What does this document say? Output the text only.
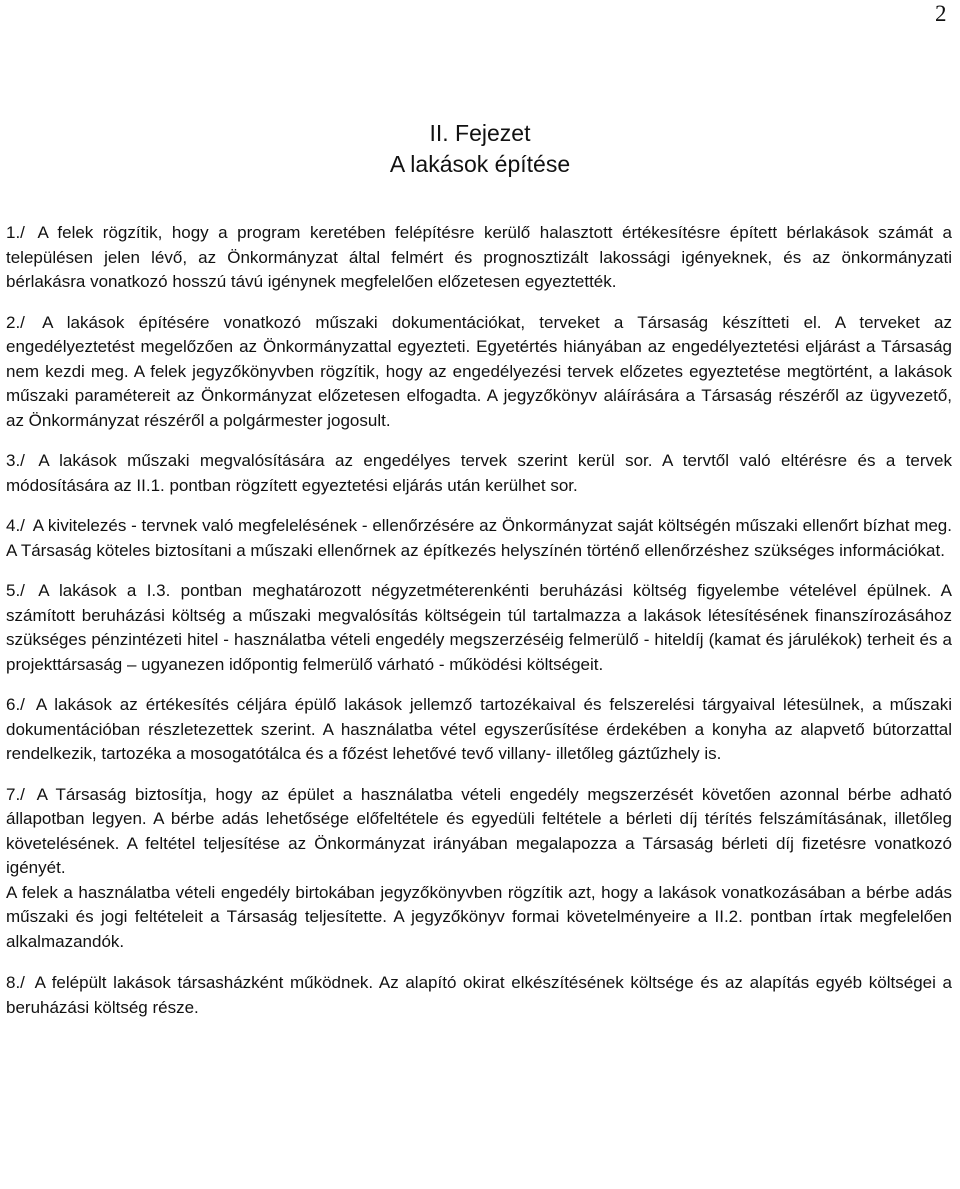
2
II. Fejezet
A lakások építése

1./ A felek rögzítik, hogy a program keretében felépítésre kerülő halasztott értékesítésre épített bérlakások számát a településen jelen lévő, az Önkormányzat által felmért és prognosztizált lakossági igényeknek, és az önkormányzati bérlakásra vonatkozó hosszú távú igénynek megfelelően előzetesen egyeztették.

2./ A lakások építésére vonatkozó műszaki dokumentációkat, terveket a Társaság készítteti el. A terveket az engedélyeztetést megelőzően az Önkormányzattal egyezteti. Egyetértés hiányában az engedélyeztetési eljárást a Társaság nem kezdi meg. A felek jegyzőkönyvben rögzítik, hogy az engedélyezési tervek előzetes egyeztetése megtörtént, a lakások műszaki paramétereit az Önkormányzat előzetesen elfogadta. A jegyzőkönyv aláírására a Társaság részéről az ügyvezető, az Önkormányzat részéről a polgármester jogosult.

3./ A lakások műszaki megvalósítására az engedélyes tervek szerint kerül sor. A tervtől való eltérésre és a tervek módosítására az II.1. pontban rögzített egyeztetési eljárás után kerülhet sor.

4./ A kivitelezés - tervnek való megfelelésének - ellenőrzésére az Önkormányzat saját költségén műszaki ellenőrt bízhat meg. A Társaság köteles biztosítani a műszaki ellenőrnek az építkezés helyszínén történő ellenőrzéshez szükséges információkat.

5./ A lakások a I.3. pontban meghatározott négyzetméterenkénti beruházási költség figyelembe vételével épülnek. A számított beruházási költség a műszaki megvalósítás költségein túl tartalmazza a lakások létesítésének finanszírozásához szükséges pénzintézeti hitel - használatba vételi engedély megszerzéséig felmerülő - hiteldíj (kamat és járulékok) terheit és a projekttársaság – ugyanezen időpontig felmerülő várható - működési költségeit.

6./ A lakások az értékesítés céljára épülő lakások jellemző tartozékaival és felszerelési tárgyaival létesülnek, a műszaki dokumentációban részletezettek szerint. A használatba vétel egyszerűsítése érdekében a konyha az alapvető bútorzattal rendelkezik, tartozéka a mosogatótálca és a főzést lehetővé tevő villany- illetőleg gáztűzhely is.

7./ A Társaság biztosítja, hogy az épület a használatba vételi engedély megszerzését követően azonnal bérbe adható állapotban legyen. A bérbe adás lehetősége előfeltétele és egyedüli feltétele a bérleti díj térítés felszámításának, illetőleg követelésének. A feltétel teljesítése az Önkormányzat irányában megalapozza a Társaság bérleti díj fizetésre vonatkozó igényét.

A felek a használatba vételi engedély birtokában jegyzőkönyvben rögzítik azt, hogy a lakások vonatkozásában a bérbe adás műszaki és jogi feltételeit a Társaság teljesítette. A jegyzőkönyv formai követelményeire a II.2. pontban írtak megfelelően alkalmazandók.

8./ A felépült lakások társasházként működnek. Az alapító okirat elkészítésének költsége és az alapítás egyéb költségei a beruházási költség része.
